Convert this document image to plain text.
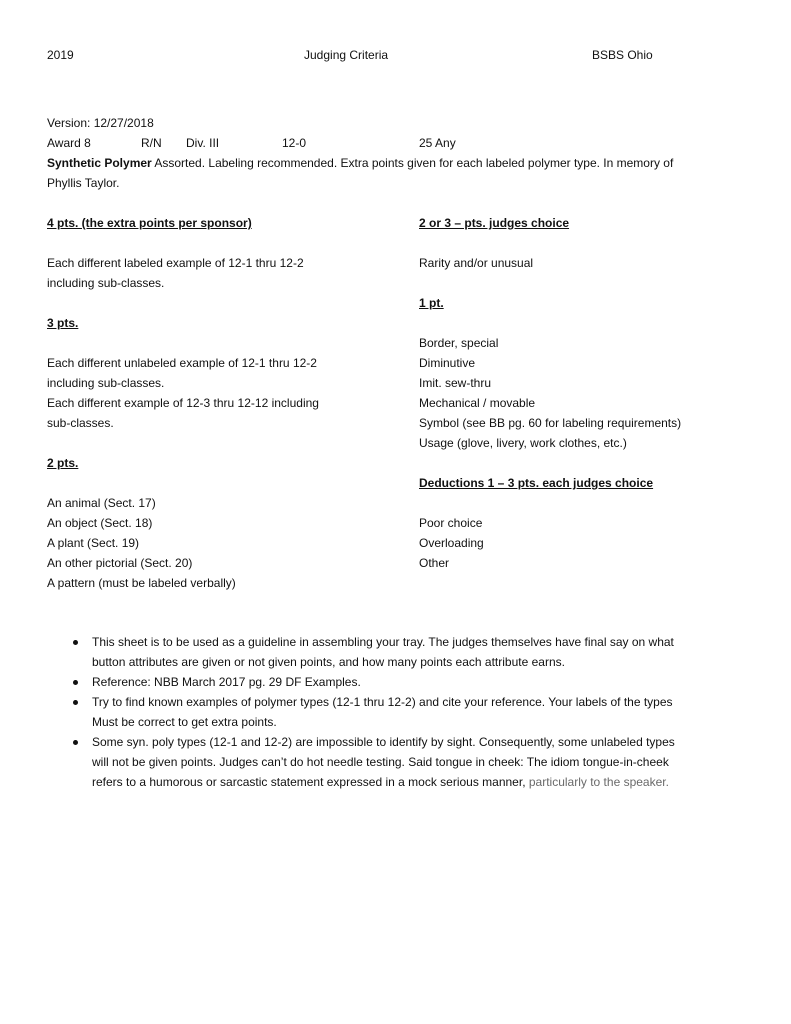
2019	Judging Criteria	BSBS Ohio
Version: 12/27/2018
Award 8	R/N Div. III	12-0	25 Any
Synthetic Polymer Assorted. Labeling recommended. Extra points given for each labeled polymer type. In memory of
Phyllis Taylor.
4 pts. (the extra points per sponsor)
Each different labeled example of 12-1 thru 12-2
including sub-classes.
3 pts.
Each different unlabeled example of 12-1 thru 12-2
including sub-classes.
Each different example of 12-3 thru 12-12 including
sub-classes.
2 pts.
An animal (Sect. 17)
An object (Sect. 18)
A plant (Sect. 19)
An other pictorial (Sect. 20)
A pattern (must be labeled verbally)
2 or 3 – pts. judges choice
Rarity and/or unusual
1 pt.
Border, special
Diminutive
Imit. sew-thru
Mechanical / movable
Symbol (see BB pg. 60 for labeling requirements)
Usage (glove, livery, work clothes, etc.)
Deductions 1 – 3 pts. each judges choice
Poor choice
Overloading
Other
This sheet is to be used as a guideline in assembling your tray. The judges themselves have final say on what
button attributes are given or not given points, and how many points each attribute earns.
Reference: NBB March 2017 pg. 29 DF Examples.
Try to find known examples of polymer types (12-1 thru 12-2) and cite your reference. Your labels of the types
Must be correct to get extra points.
Some syn. poly types (12-1 and 12-2) are impossible to identify by sight. Consequently, some unlabeled types
will not be given points. Judges can’t do hot needle testing. Said tongue in cheek: The idiom tongue-in-cheek
refers to a humorous or sarcastic statement expressed in a mock serious manner, particularly to the speaker.
